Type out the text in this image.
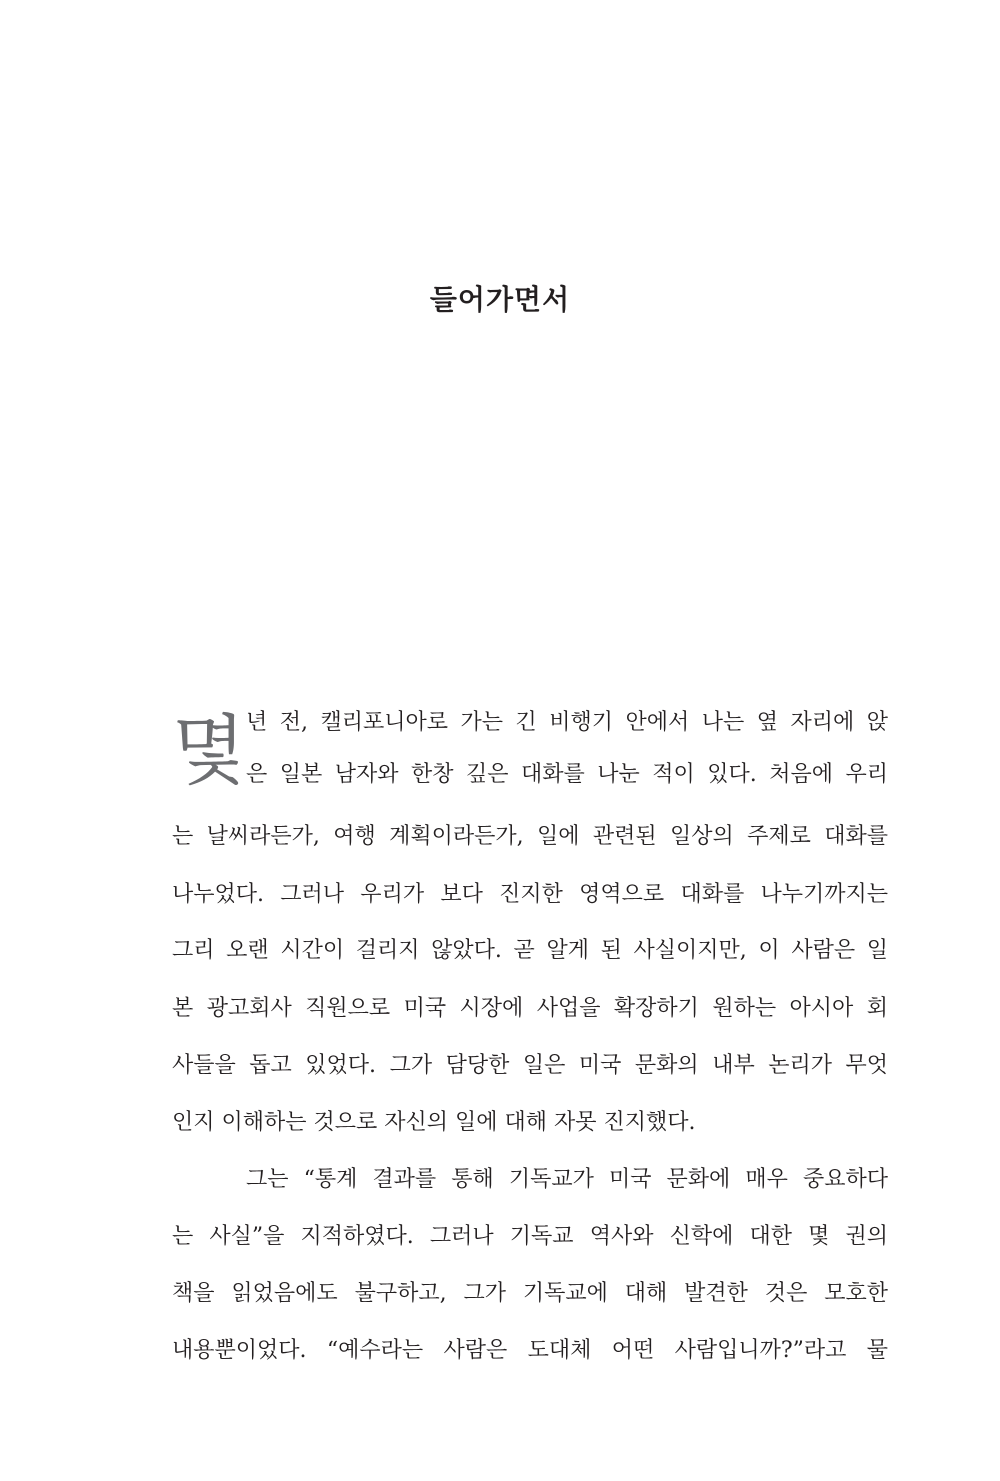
들어가면서
몇 년 전, 캘리포니아로 가는 긴 비행기 안에서 나는 옆 자리에 앉
은 일본 남자와 한창 깊은 대화를 나눈 적이 있다. 처음에 우리
는 날씨라든가, 여행 계획이라든가, 일에 관련된 일상의 주제로 대화를
나누었다. 그러나 우리가 보다 진지한 영역으로 대화를 나누기까지는
그리 오랜 시간이 걸리지 않았다. 곧 알게 된 사실이지만, 이 사람은 일
본 광고회사 직원으로 미국 시장에 사업을 확장하기 원하는 아시아 회
사들을 돕고 있었다. 그가 담당한 일은 미국 문화의 내부 논리가 무엇
인지 이해하는 것으로 자신의 일에 대해 자못 진지했다.
그는 “통계 결과를 통해 기독교가 미국 문화에 매우 중요하다
는 사실”을 지적하였다. 그러나 기독교 역사와 신학에 대한 몇 권의
책을 읽었음에도 불구하고, 그가 기독교에 대해 발견한 것은 모호한
내용뿐이었다. “예수라는 사람은 도대체 어떤 사람입니까?”라고 물
